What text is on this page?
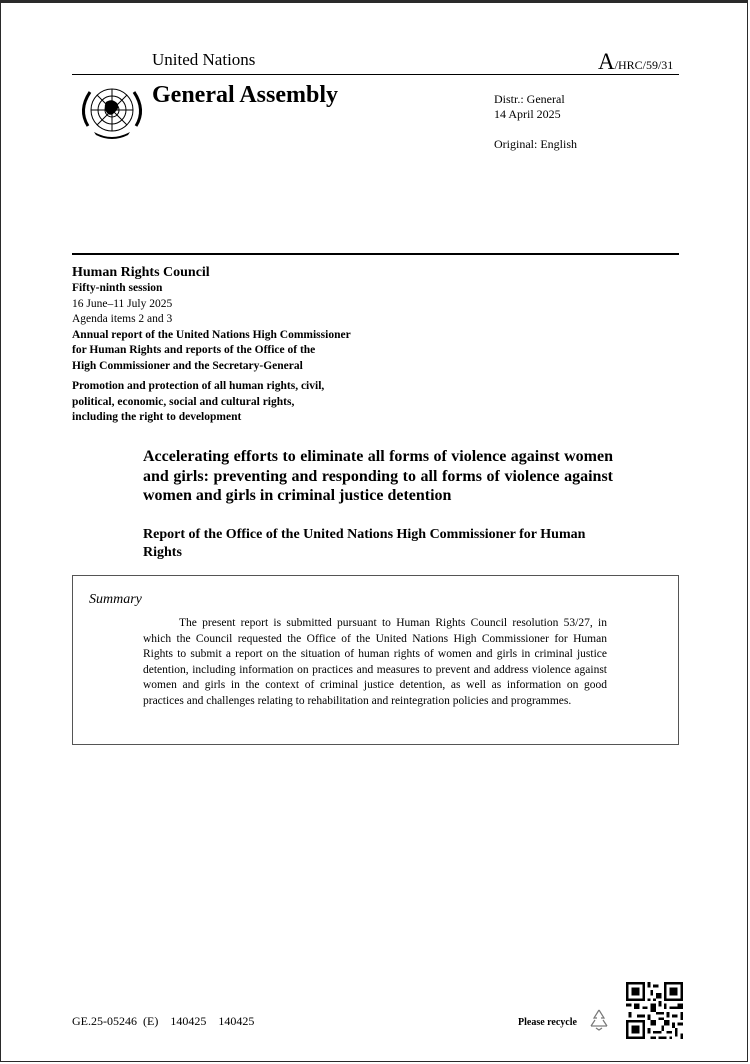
United Nations	A/HRC/59/31
General Assembly	Distr.: General
14 April 2025
Original: English
Human Rights Council
Fifty-ninth session
16 June–11 July 2025
Agenda items 2 and 3
Annual report of the United Nations High Commissioner
for Human Rights and reports of the Office of the
High Commissioner and the Secretary-General
Promotion and protection of all human rights, civil,
political, economic, social and cultural rights,
including the right to development
Accelerating efforts to eliminate all forms of violence against women and girls: preventing and responding to all forms of violence against women and girls in criminal justice detention
Report of the Office of the United Nations High Commissioner for Human Rights
Summary
The present report is submitted pursuant to Human Rights Council resolution 53/27, in which the Council requested the Office of the United Nations High Commissioner for Human Rights to submit a report on the situation of human rights of women and girls in criminal justice detention, including information on practices and measures to prevent and address violence against women and girls in the context of criminal justice detention, as well as information on good practices and challenges relating to rehabilitation and reintegration policies and programmes.
GE.25-05246 (E) 140425 140425	Please recycle
